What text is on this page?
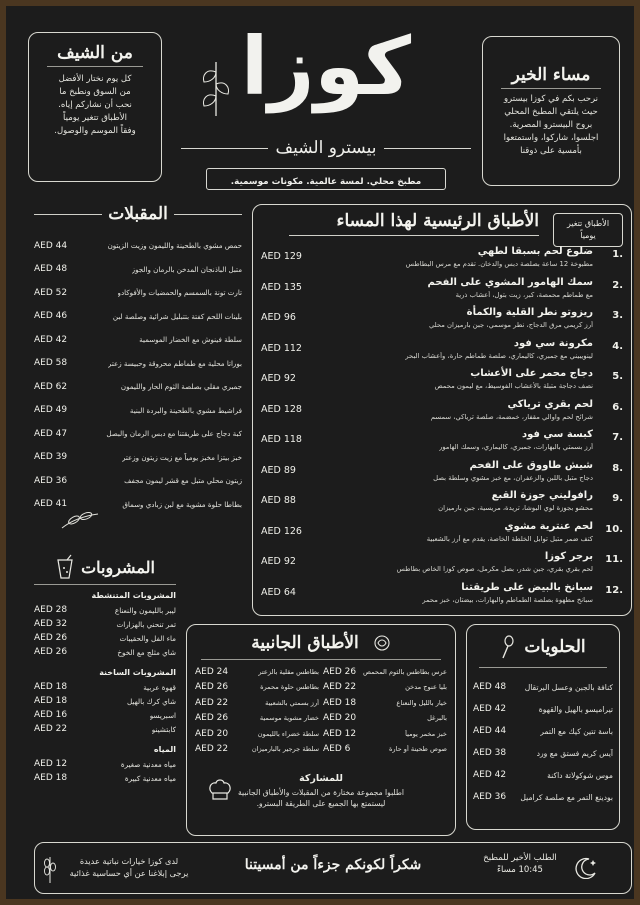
مساء الخير
نرحب بكم في كوزا بيسترو
حيث يلتقي المطبخ المحلي
بروح البيسترو المصرية.
اجلسوا، شاركوا، واستمتعوا
بأمسية على ذوقنا
من الشيف
كل يوم نختار الأفضل
من السوق ونطبخ ما
نحب أن نشاركم إياه.
الأطباق تتغير يومياً
وفقاً الموسم والوصول.
كوزا
بيسترو الشيف
مطبخ محلي. لمسة عالمية. مكونات موسمية.
المقبلات
حمص مشوي بالطحينة والليمون وزيت الزيتون
AED 44
متبل الباذنجان المدخن بالرمان والجوز
AED 48
تارت تونة بالسمسم والحمضيات والأفوكادو
AED 52
بلينات اللحم كفتة بتتبليل شرائية وصلصة لبن
AED 46
سلطة فينوش مع الخضار الموسمية
AED 42
بوراتا محلية مع طماطم محروقة وحبيسة زعتر
AED 58
جمبري مقلي بصلصة الثوم الحار والليمون
AED 62
فراشيط مشوي بالطحينة والبردة البنية
AED 49
كبة دجاج على طريقتنا مع دبس الرمان والبصل
AED 47
خبز بيتزا مخبز يومياً مع زيت زيتون وزعتر
AED 39
زيتون محلي متبل مع قشر ليمون مجفف
AED 36
بطاطا حلوة مشوية مع لبن زبادي وسماق
AED 41
الأطباق تتغير يومياً
الأطباق الرئيسية لهذا المساء
1.
ضلوع لحم بسبقا لطهي
مطبوخة 12 ساعة بصلصة دبس والدخان. تقدم مع مرس البطاطس
AED 129
2.
سمك الهامور المشوي على الفحم
مع طماطم محمصة، كبر، زيت بتول، أعشاب ذرية
AED 135
3.
ريزوتو نطر القلية والكمأة
أرز كريمي مرق الدجاج، نطر موسمي، جبن بارميزان محلي
AED 96
4.
مكرونة سي فود
لينويبيني مع جمبري، كاليماري، صلصة طماطم حارة، وأعشاب البحر
AED 112
5.
دجاج محمر على الأعشاب
نصف دجاجة متبلة بالأعشاب الفوسيط، مع ليمون محمص
AED 92
6.
لحم بقري ترياكي
شرائح لحم واوالي مقفار، خمضمة، صلصة ترياكي، سمسم
AED 128
7.
كبسة سي فود
أرز بسمتي بالبهارات، جمبري، كاليماري، وسمك الهامور
AED 118
8.
شيش طاووق على الفحم
دجاج متبل باللبن والزعفران، مع خبز مشوي وسلطة بصل
AED 89
9.
رافوليني جوزة القبع
محشو بجوزة لوي البوشا، تريدة، مريسية، جبن بارميزان
AED 88
10.
لحم عنترية مشوي
كتف ضمر متبل توابل الخلطة الخاصة، يقدم مع أرز بالشعبية
AED 126
11.
برجر كوزا
لحم بقري بقري، جبن شدر، بصل مكرمل، صوص كوزا الخاص بطاطس
AED 92
12.
سبانخ بالبيض على طريقتنا
سبانخ مطهوة بصلصة الطماطم والبهارات، بيضتان، خبز محمر
AED 64
المشروبات
المشروبات المتنشطة
ليبر بالليمون والنعناع
AED 28
تمر تنحني بالهزارات
AED 32
ماء الفل والحقيبات
AED 26
شاي مثلج مع الخوخ
AED 26
المشروبات الساخنة
قهوة عربية
AED 18
شاي كرك بالهيل
AED 18
اسبريسو
AED 16
كابتشينو
AED 22
المياه
مياه معدنية صغيرة
AED 12
مياه معدنية كبيرة
AED 18
الحلويات
كنافة بالجبن وعسل البرتقال
AED 48
تيراميسو بالهيل والقهوة
AED 42
باسة تتين كيك مع التمر
AED 44
آيس كريم فستق مع ورد
AED 38
موس شوكولاتة داكنة
AED 42
بودينغ التمر مع صلصة كراميل
AED 36
الأطباق الجانبية
عرس بطاطس بالثوم المحمص
AED 26
بليا عنوج مدخن
AED 22
خيار بالليل والنعناع
AED 18
بالبرغل
AED 20
خبز مخمر يومياً
AED 12
صوص طحينة أو حارة
AED 6
بطاطس مقلية بالزعتر
AED 24
بطاطس حلوة محمرة
AED 26
أرز بسمتي بالشعبية
AED 22
خضار مشوية موسمية
AED 26
سلطة خضراء بالليمون
AED 20
سلطة جرجير بالبارميزان
AED 22
للمشاركة
اطلبوا مجموعة مختارة من المقبلات والأطباق الجانبية
ليستمتع بها الجميع على الطريقة البسترو.
الطلب الأخير للمطبخ
10:45 مساءً
شكراً لكونكم جزءاً من أمسيتنا
لدى كوزا خيارات نباتية عديدة
يرجى إبلاغنا عن أي حساسية غذائية
